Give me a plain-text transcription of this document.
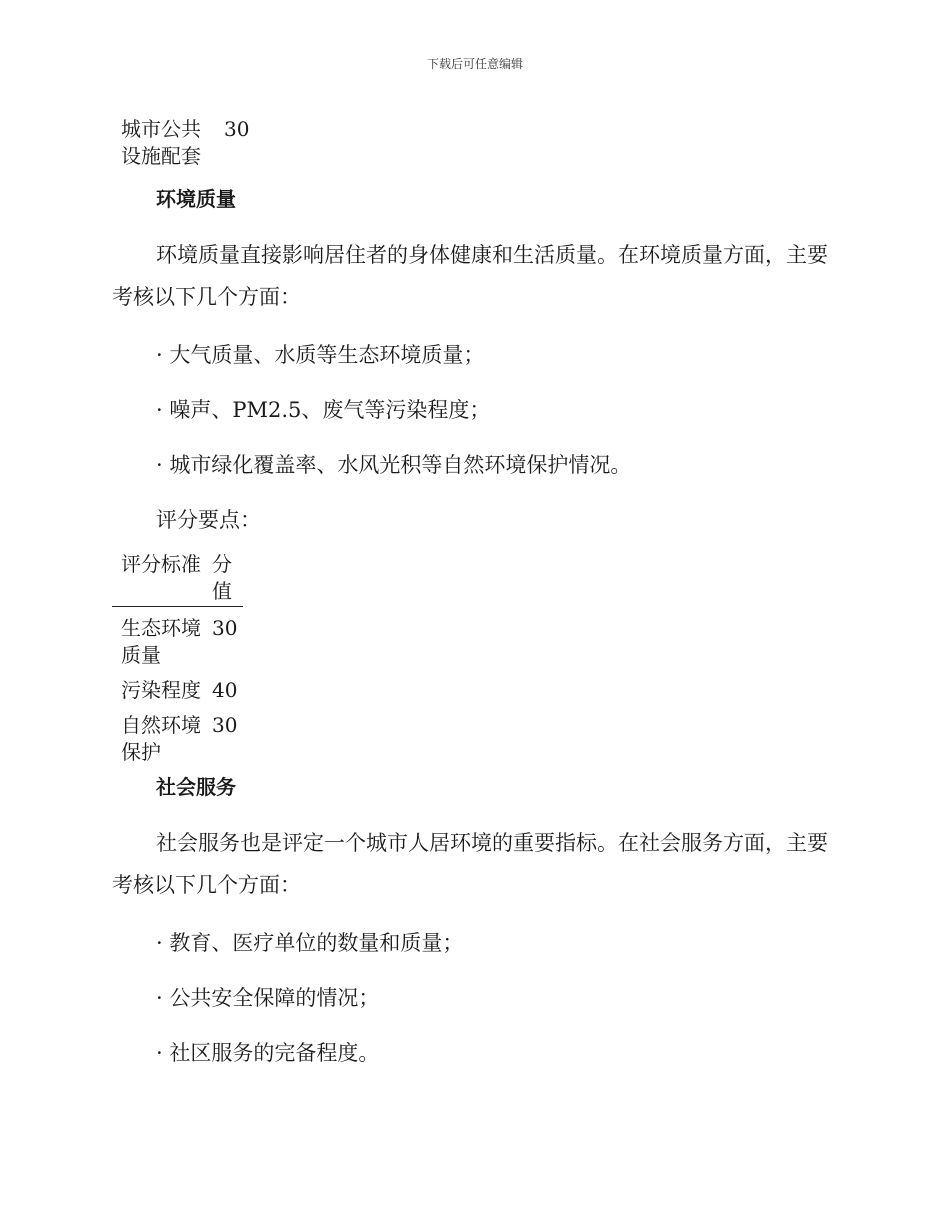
下载后可任意编辑
城市公共设施配套	30

环境质量

环境质量直接影响居住者的身体健康和生活质量。在环境质量方面，主要考核以下几个方面：

· 大气质量、水质等生态环境质量；

· 噪声、PM2.5、废气等污染程度；

· 城市绿化覆盖率、水风光积等自然环境保护情况。

评分要点：

评分标准	分值
生态环境质量	30
污染程度	40
自然环境保护	30

社会服务

社会服务也是评定一个城市人居环境的重要指标。在社会服务方面，主要考核以下几个方面：

· 教育、医疗单位的数量和质量；

· 公共安全保障的情况；

· 社区服务的完备程度。
